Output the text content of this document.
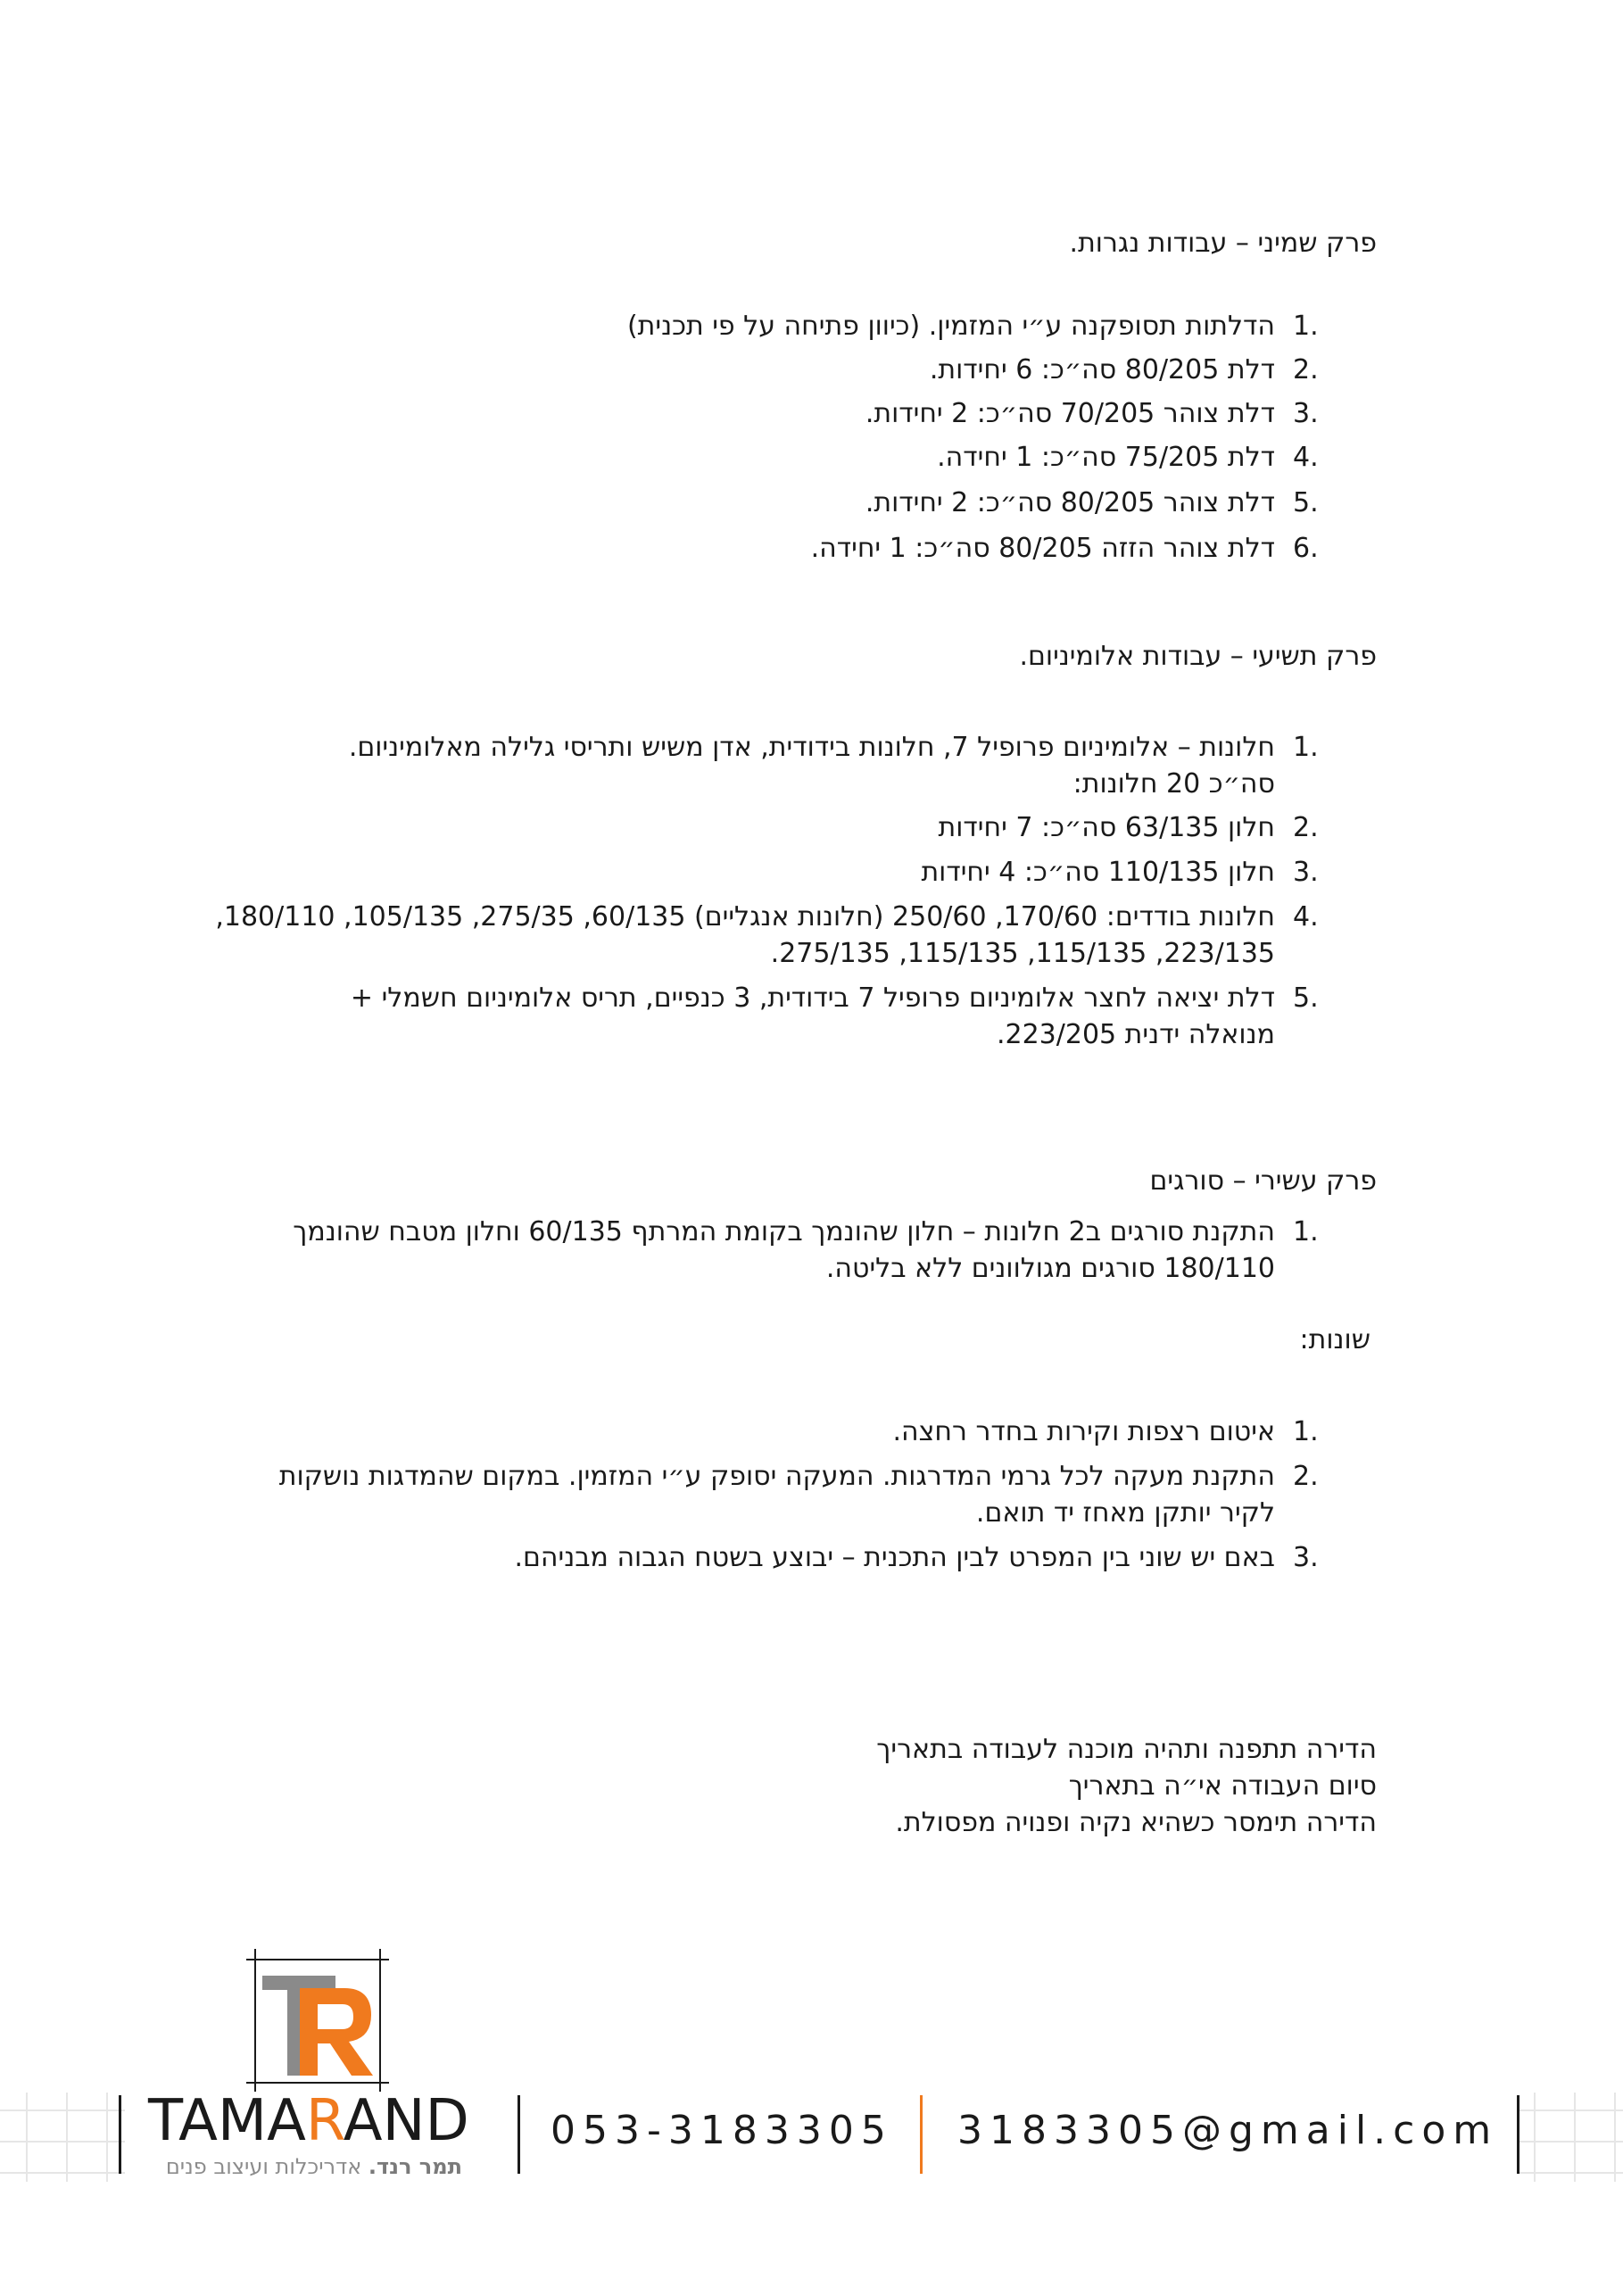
פרק שמיני – עבודות נגרות.
1.
הדלתות תסופקנה ע״י המזמין. (כיוון פתיחה על פי תכנית)
2.
דלת 80/205 סה״כ: 6 יחידות.
3.
דלת צוהר 70/205 סה״כ: 2 יחידות.
4.
דלת 75/205 סה״כ: 1 יחידה.
5.
דלת צוהר 80/205 סה״כ: 2 יחידות.
6.
דלת צוהר הזזה 80/205 סה״כ: 1 יחידה.
פרק תשיעי – עבודות אלומיניום.
1.
חלונות – אלומיניום פרופיל 7, חלונות בידודית, אדן משיש ותריסי גלילה מאלומיניום.
סה״כ 20 חלונות:
2.
חלון 63/135 סה״כ: 7 יחידות
3.
חלון 110/135 סה״כ: 4 יחידות
4.
חלונות בודדים: 170/60, 250/60 (חלונות אנגליים) 60/135, 275/35, 105/135, 180/110,
223/135, 115/135, 115/135, 275/135.
5.
דלת יציאה לחצר אלומיניום פרופיל 7 בידודית, 3 כנפיים, תריס אלומיניום חשמלי +
מנואלה ידנית 223/205.
פרק עשירי – סורגים
1.
התקנת סורגים ב2 חלונות – חלון שהונמך בקומת המרתף 60/135 וחלון מטבח שהונמך
180/110 סורגים מגולוונים ללא בליטה.
שונות:
1.
איטום רצפות וקירות בחדר רחצה.
2.
התקנת מעקה לכל גרמי המדרגות. המעקה יסופק ע״י המזמין. במקום שהמדגות נושקות
לקיר יותקן מאחז יד תואם.
3.
באם יש שוני בין המפרט לבין התכנית – יבוצע בשטח הגבוה מבניהם.
הדירה תתפנה ותהיה מוכנה לעבודה בתאריך
סיום העבודה אי״ה בתאריך
הדירה תימסר כשהיא נקיה ופנויה מפסולת.
TAMARAND
תמר רנד. אדריכלות ועיצוב פנים
053-3183305 3183305@gmail.com
